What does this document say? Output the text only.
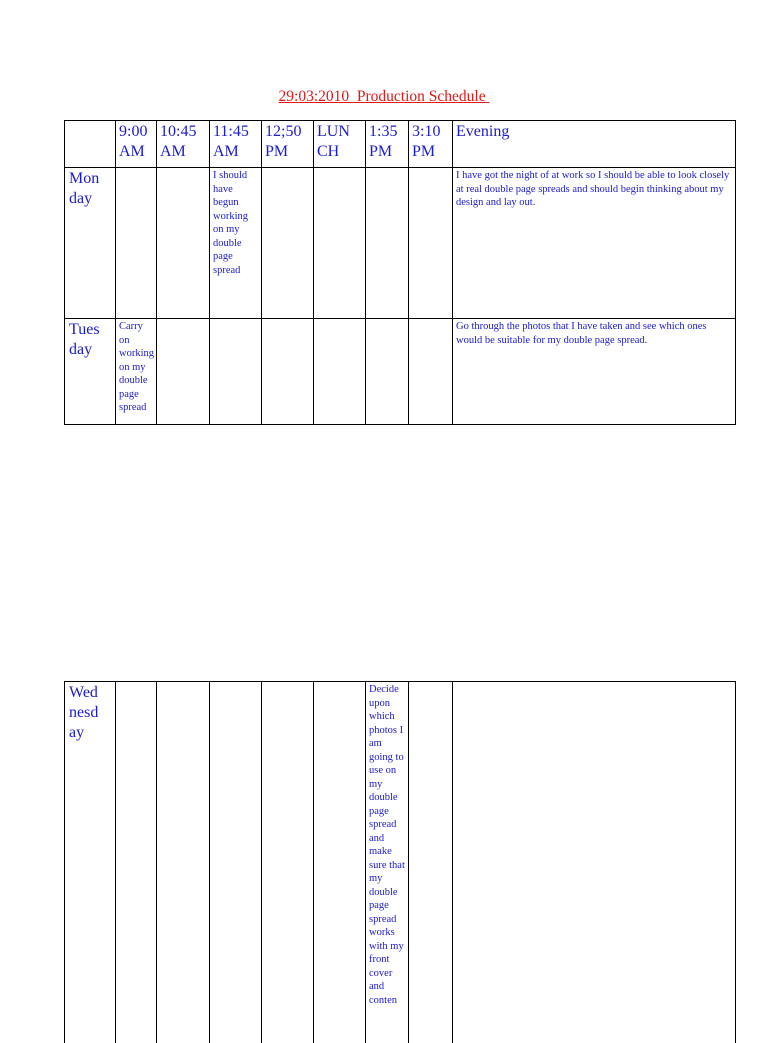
29:03:2010  Production Schedule
	9:00 AM	10:45 AM	11:45 AM	12;50 PM	LUN CH	1:35 PM	3:10 PM	Evening
Mon day			I should have begun working on my double page spread					I have got the night of at work so I should be able to look closely at real double page spreads and should begin thinking about my design and lay out.
Tues day	Carry on working on my double page spread							Go through the photos that I have taken and see which ones would be suitable for my double page spread.
Wed nesd ay						Decide upon which photos I am going to use on my double page spread and make sure that my double page spread works with my front cover and conten		
